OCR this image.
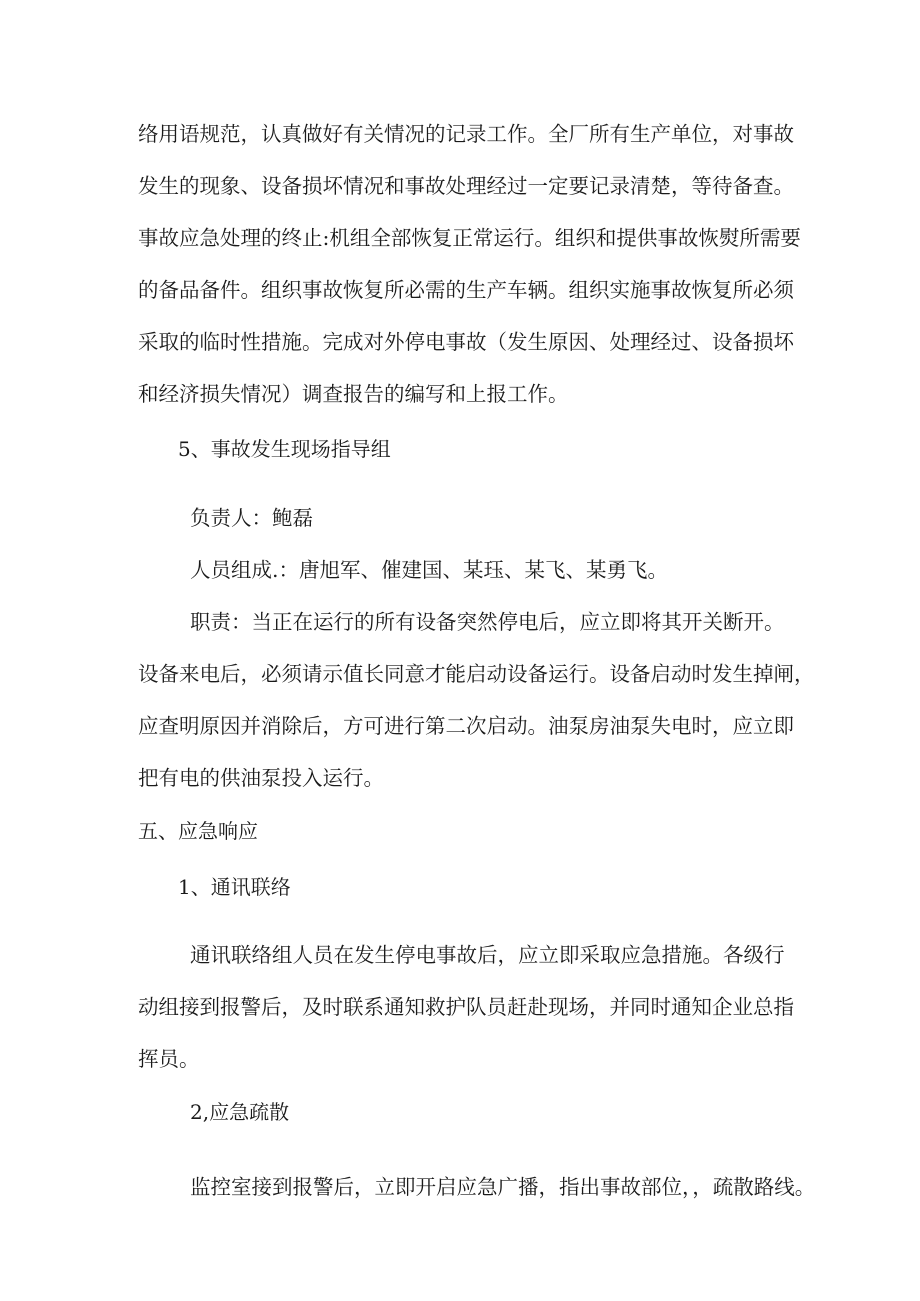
络用语规范，认真做好有关情况的记录工作。全厂所有生产单位，对事故
发生的现象、设备损坏情况和事故处理经过一定要记录清楚，等待备查。
事故应急处理的终止:机组全部恢复正常运行。组织和提供事故恢熨所需要
的备品备件。组织事故恢复所必需的生产车辆。组织实施事故恢复所必须
采取的临时性措施。完成对外停电事故（发生原因、处理经过、设备损坏
和经济损失情况）调查报告的编写和上报工作。
5、事故发生现场指导组
负责人：鲍磊
人员组成.：唐旭军、催建国、某珏、某飞、某勇飞。
职责：当正在运行的所有设备突然停电后，应立即将其开关断开。
设备来电后，必须请示值长同意才能启动设备运行。设备启动时发生掉闸，
应查明原因并消除后，方可进行第二次启动。油泵房油泵失电时，应立即
把有电的供油泵投入运行。
五、应急响应
1、通讯联络
通讯联络组人员在发生停电事故后，应立即采取应急措施。各级行
动组接到报警后，及时联系通知救护队员赶赴现场，并同时通知企业总指
挥员。
2,应急疏散
监控室接到报警后，立即开启应急广播，指出事故部位，，疏散路线。
